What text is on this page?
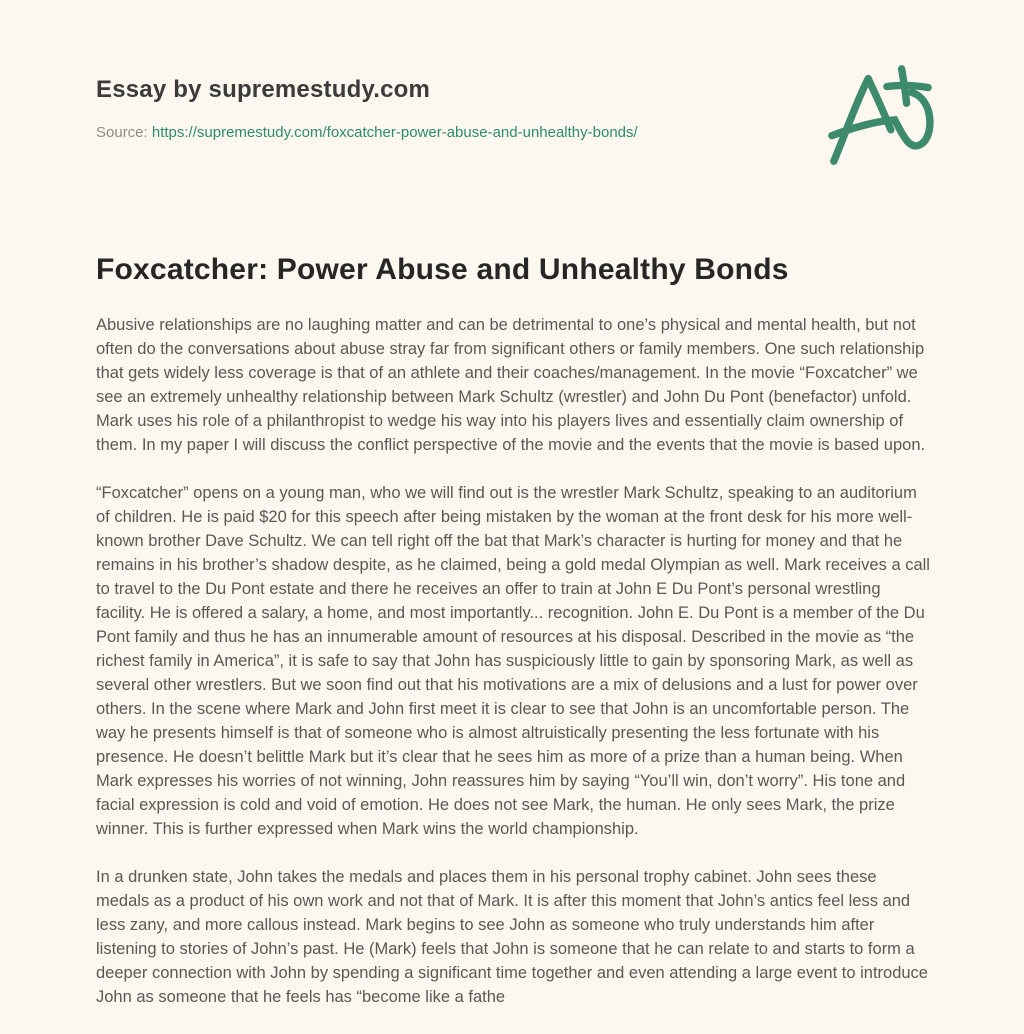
Essay by supremestudy.com
Source: https://supremestudy.com/foxcatcher-power-abuse-and-unhealthy-bonds/
Foxcatcher: Power Abuse and Unhealthy Bonds

Abusive relationships are no laughing matter and can be detrimental to one’s physical and mental health, but not often do the conversations about abuse stray far from significant others or family members. One such relationship that gets widely less coverage is that of an athlete and their coaches/management. In the movie “Foxcatcher” we see an extremely unhealthy relationship between Mark Schultz (wrestler) and John Du Pont (benefactor) unfold. Mark uses his role of a philanthropist to wedge his way into his players lives and essentially claim ownership of them. In my paper I will discuss the conflict perspective of the movie and the events that the movie is based upon.

“Foxcatcher” opens on a young man, who we will find out is the wrestler Mark Schultz, speaking to an auditorium of children. He is paid $20 for this speech after being mistaken by the woman at the front desk for his more well-known brother Dave Schultz. We can tell right off the bat that Mark’s character is hurting for money and that he remains in his brother’s shadow despite, as he claimed, being a gold medal Olympian as well. Mark receives a call to travel to the Du Pont estate and there he receives an offer to train at John E Du Pont’s personal wrestling facility. He is offered a salary, a home, and most importantly... recognition. John E. Du Pont is a member of the Du Pont family and thus he has an innumerable amount of resources at his disposal. Described in the movie as “the richest family in America”, it is safe to say that John has suspiciously little to gain by sponsoring Mark, as well as several other wrestlers. But we soon find out that his motivations are a mix of delusions and a lust for power over others. In the scene where Mark and John first meet it is clear to see that John is an uncomfortable person. The way he presents himself is that of someone who is almost altruistically presenting the less fortunate with his presence. He doesn’t belittle Mark but it’s clear that he sees him as more of a prize than a human being. When Mark expresses his worries of not winning, John reassures him by saying “You’ll win, don’t worry”. His tone and facial expression is cold and void of emotion. He does not see Mark, the human. He only sees Mark, the prize winner. This is further expressed when Mark wins the world championship.

In a drunken state, John takes the medals and places them in his personal trophy cabinet. John sees these medals as a product of his own work and not that of Mark. It is after this moment that John’s antics feel less and less zany, and more callous instead. Mark begins to see John as someone who truly understands him after listening to stories of John’s past. He (Mark) feels that John is someone that he can relate to and starts to form a deeper connection with John by spending a significant time together and even attending a large event to introduce John as someone that he feels has “become like a fathe
